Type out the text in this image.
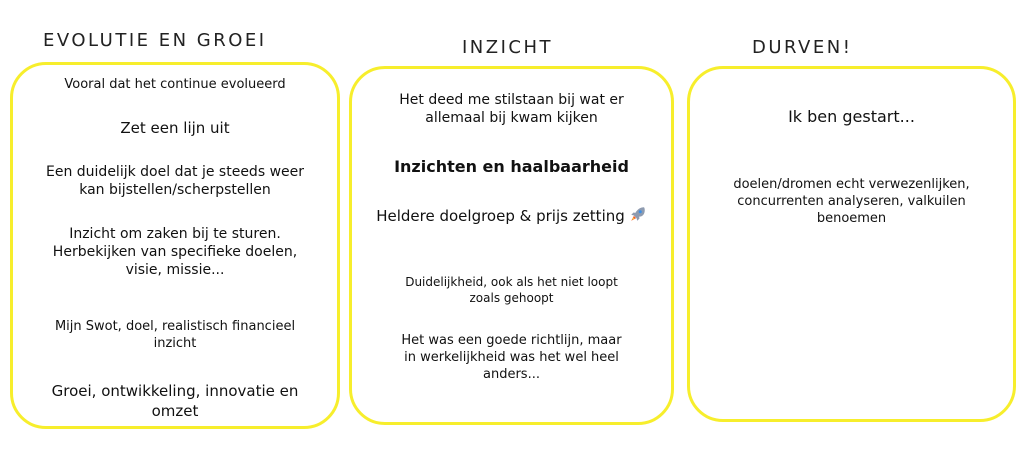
EVOLUTIE EN GROEI	INZICHT	DURVEN!
Vooral dat het continue evolueerd
Zet een lijn uit
Een duidelijk doel dat je steeds weer
kan bijstellen/scherpstellen
Inzicht om zaken bij te sturen.
Herbekijken van specifieke doelen,
visie, missie...
Mijn Swot, doel, realistisch financieel
inzicht
Groei, ontwikkeling, innovatie en
omzet
Het deed me stilstaan bij wat er
allemaal bij kwam kijken
Inzichten en haalbaarheid
Heldere doelgroep & prijs zetting
Duidelijkheid, ook als het niet loopt
zoals gehoopt
Het was een goede richtlijn, maar
in werkelijkheid was het wel heel
anders...
Ik ben gestart...
doelen/dromen echt verwezenlijken,
concurrenten analyseren, valkuilen
benoemen
